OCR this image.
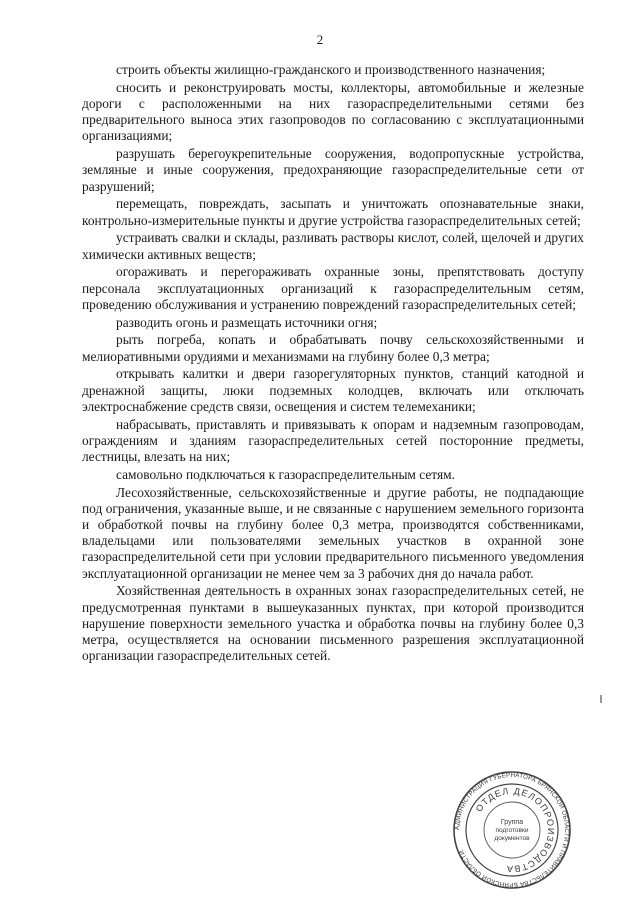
2

строить объекты жилищно-гражданского и производственного назначения;

сносить и реконструировать мосты, коллекторы, автомобильные и железные дороги с расположенными на них газораспределительными сетями без предварительного выноса этих газопроводов по согласованию с эксплуатационными организациями;

разрушать берегоукрепительные сооружения, водопропускные устройства, земляные и иные сооружения, предохраняющие газораспределительные сети от разрушений;

перемещать, повреждать, засыпать и уничтожать опознавательные знаки, контрольно-измерительные пункты и другие устройства газораспределительных сетей;

устраивать свалки и склады, разливать растворы кислот, солей, щелочей и других химически активных веществ;

огораживать и перегораживать охранные зоны, препятствовать доступу персонала эксплуатационных организаций к газораспределительным сетям, проведению обслуживания и устранению повреждений газораспределительных сетей;

разводить огонь и размещать источники огня;

рыть погреба, копать и обрабатывать почву сельскохозяйственными и мелиоративными орудиями и механизмами на глубину более 0,3 метра;

открывать калитки и двери газорегуляторных пунктов, станций катодной и дренажной защиты, люки подземных колодцев, включать или отключать электроснабжение средств связи, освещения и систем телемеханики;

набрасывать, приставлять и привязывать к опорам и надземным газопроводам, ограждениям и зданиям газораспределительных сетей посторонние предметы, лестницы, влезать на них;

самовольно подключаться к газораспределительным сетям.

Лесохозяйственные, сельскохозяйственные и другие работы, не подпадающие под ограничения, указанные выше, и не связанные с нарушением земельного горизонта и обработкой почвы на глубину более 0,3 метра, производятся собственниками, владельцами или пользователями земельных участков в охранной зоне газораспределительной сети при условии предварительного письменного уведомления эксплуатационной организации не менее чем за 3 рабочих дня до начала работ.

Хозяйственная деятельность в охранных зонах газораспределительных сетей, не предусмотренная пунктами в вышеуказанных пунктах, при которой производится нарушение поверхности земельного участка и обработка почвы на глубину более 0,3 метра, осуществляется на основании письменного разрешения эксплуатационной организации газораспределительных сетей.

АДМИНИСТРАЦИЯ ГУБЕРНАТОРА БРЯНСКОЙ ОБЛАСТИ И ПРАВИТЕЛЬСТВА БРЯНСКОЙ ОБЛАСТИ
ОТДЕЛ ДЕЛОПРОИЗВОДСТВА
Группа
подготовки
документов
